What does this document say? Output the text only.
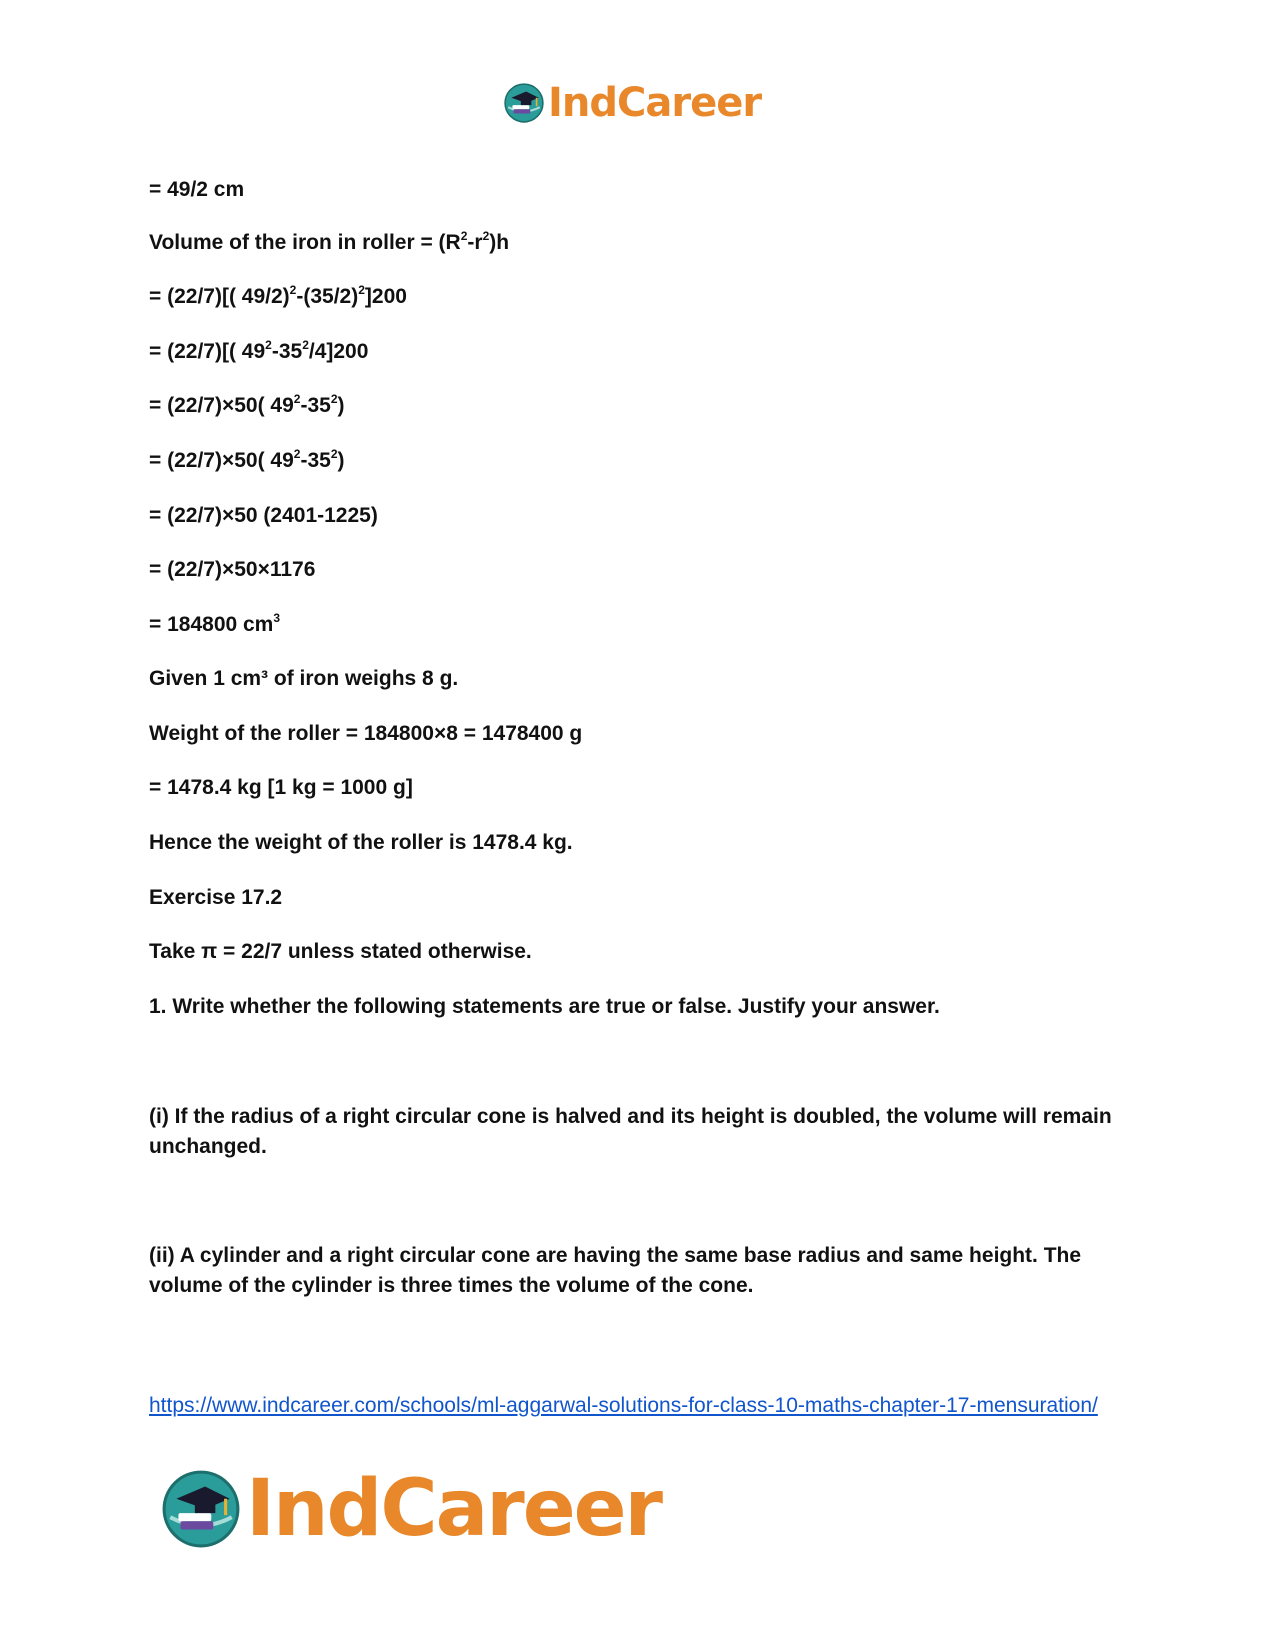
IndCareer
= 49/2 cm
Volume of the iron in roller = $(R^2-r^2)h$
= (22/7)[( $49/2)^2-(35/2)^2]200$
= (22/7)[( $49^2-35^2/4]200$
= (22/7)×50( $49^2-35^2$)
= (22/7)×50( $49^2-35^2$)
= (22/7)×50 (2401-1225)
= (22/7)×50×1176
= 184800 $cm^3$
Given 1 cm³ of iron weighs 8 g.
Weight of the roller = 184800×8 = 1478400 g
= 1478.4 kg [1 kg = 1000 g]
Hence the weight of the roller is 1478.4 kg.
Exercise 17.2
Take π = 22/7 unless stated otherwise.
1. Write whether the following statements are true or false. Justify your answer.

(i) If the radius of a right circular cone is halved and its height is doubled, the volume will remain unchanged.

(ii) A cylinder and a right circular cone are having the same base radius and same height. The volume of the cylinder is three times the volume of the cone.

https://www.indcareer.com/schools/ml-aggarwal-solutions-for-class-10-maths-chapter-17-mensuration/
IndCareer
